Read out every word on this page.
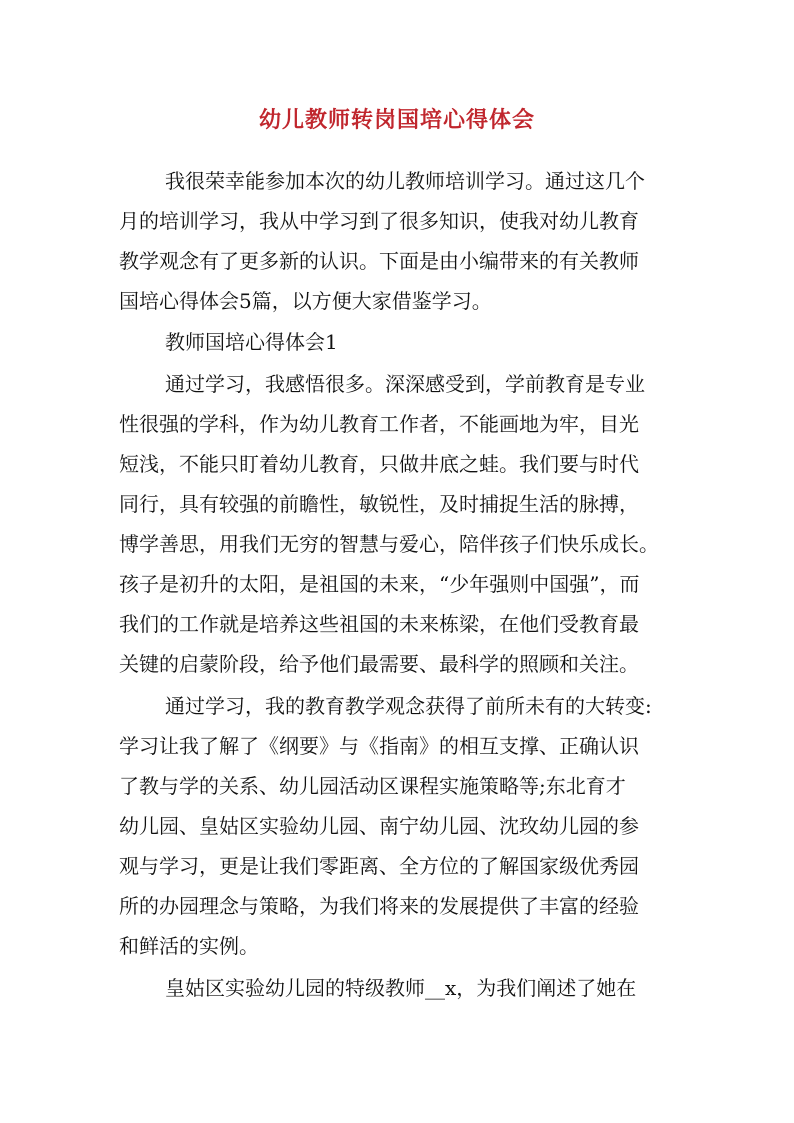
幼儿教师转岗国培心得体会

我很荣幸能参加本次的幼儿教师培训学习。通过这几个

月的培训学习，我从中学习到了很多知识，使我对幼儿教育

教学观念有了更多新的认识。下面是由小编带来的有关教师

国培心得体会5篇，以方便大家借鉴学习。

教师国培心得体会1

通过学习，我感悟很多。深深感受到，学前教育是专业

性很强的学科，作为幼儿教育工作者，不能画地为牢，目光

短浅，不能只盯着幼儿教育，只做井底之蛙。我们要与时代

同行，具有较强的前瞻性，敏锐性，及时捕捉生活的脉搏，

博学善思，用我们无穷的智慧与爱心，陪伴孩子们快乐成长。

孩子是初升的太阳，是祖国的未来，“少年强则中国强”，而

我们的工作就是培养这些祖国的未来栋梁，在他们受教育最

关键的启蒙阶段，给予他们最需要、最科学的照顾和关注。

通过学习，我的教育教学观念获得了前所未有的大转变:

学习让我了解了《纲要》与《指南》的相互支撑、正确认识

了教与学的关系、幼儿园活动区课程实施策略等;东北育才

幼儿园、皇姑区实验幼儿园、南宁幼儿园、沈玫幼儿园的参

观与学习，更是让我们零距离、全方位的了解国家级优秀园

所的办园理念与策略，为我们将来的发展提供了丰富的经验

和鲜活的实例。

皇姑区实验幼儿园的特级教师__x，为我们阐述了她在
